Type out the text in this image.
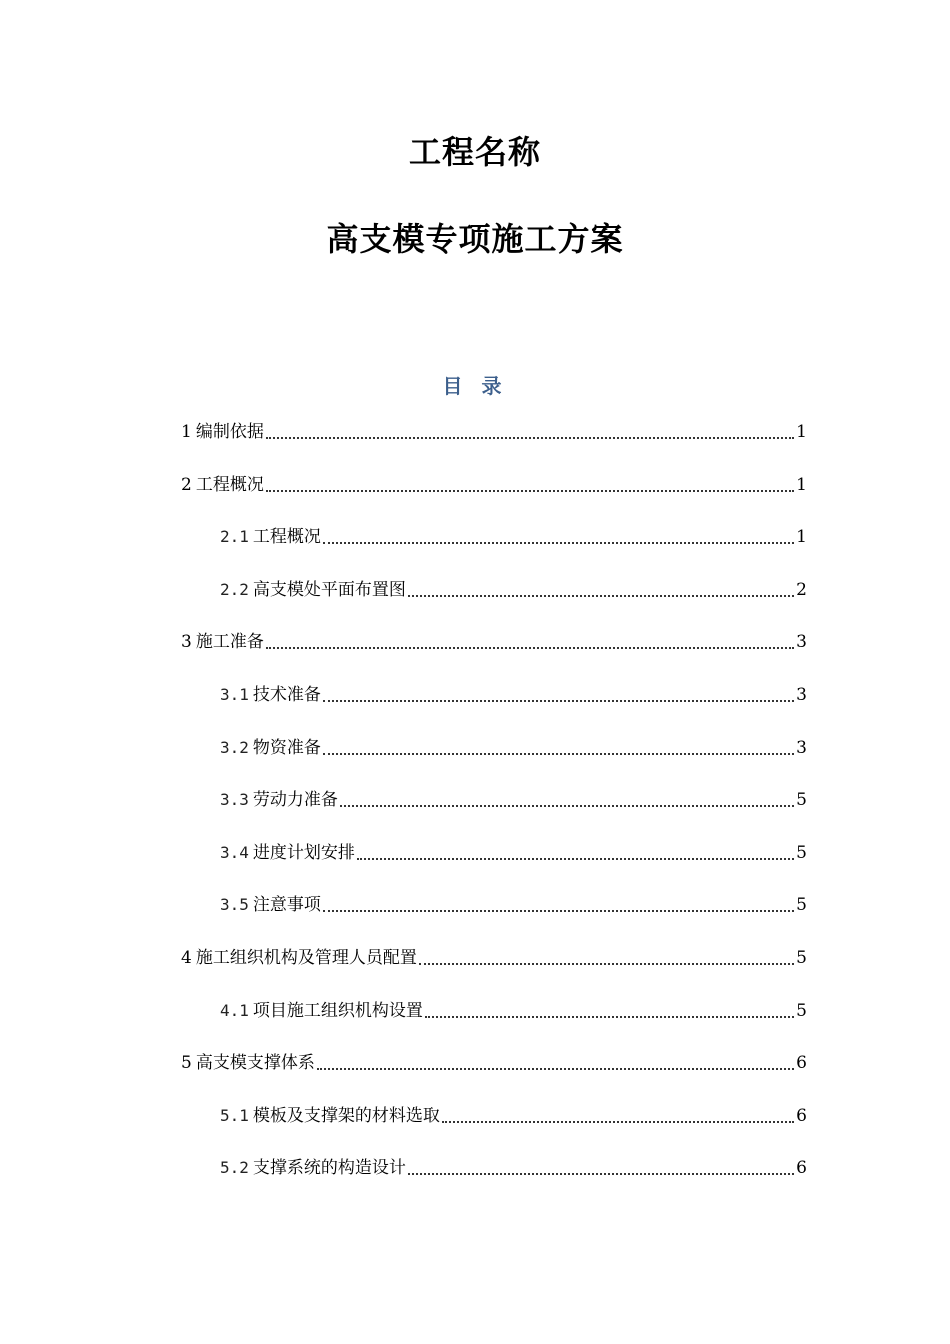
工程名称
高支模专项施工方案
目 录
1 编制依据	1
2 工程概况	1
2.1 工程概况	1
2.2 高支模处平面布置图	2
3 施工准备	3
3.1 技术准备	3
3.2 物资准备	3
3.3 劳动力准备	5
3.4 进度计划安排	5
3.5 注意事项	5
4 施工组织机构及管理人员配置	5
4.1 项目施工组织机构设置	5
5 高支模支撑体系	6
5.1 模板及支撑架的材料选取	6
5.2 支撑系统的构造设计	6
